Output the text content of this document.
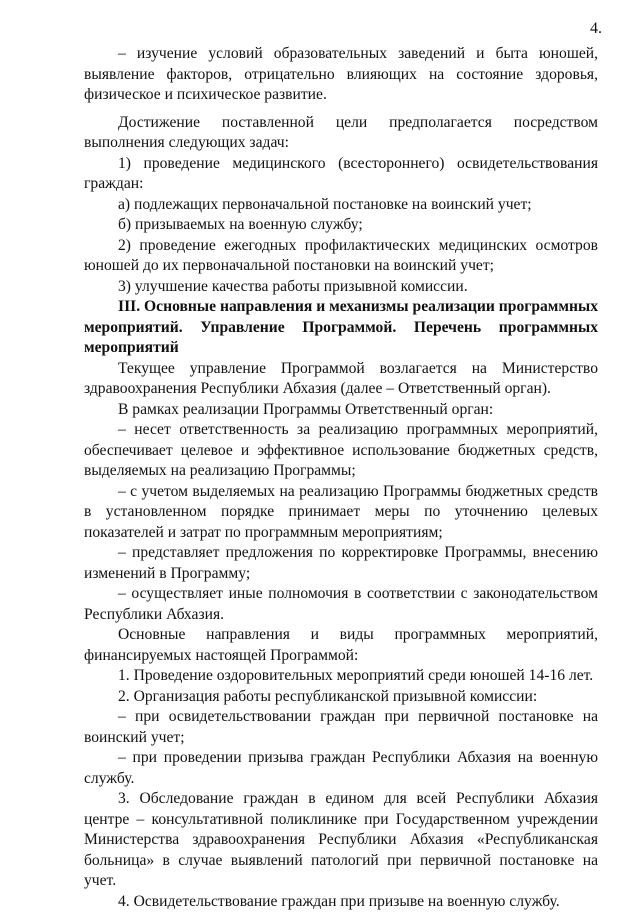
4.

– изучение условий образовательных заведений и быта юношей, выявление факторов, отрицательно влияющих на состояние здоровья, физическое и психическое развитие.

Достижение поставленной цели предполагается посредством выполнения следующих задач:

1) проведение медицинского (всестороннего) освидетельствования граждан:

а) подлежащих первоначальной постановке на воинский учет;

б) призываемых на военную службу;

2) проведение ежегодных профилактических медицинских осмотров юношей до их первоначальной постановки на воинский учет;

3) улучшение качества работы призывной комиссии.

III. Основные направления и механизмы реализации программных мероприятий. Управление Программой. Перечень программных мероприятий

Текущее управление Программой возлагается на Министерство здравоохранения Республики Абхазия (далее – Ответственный орган).

В рамках реализации Программы Ответственный орган:

– несет ответственность за реализацию программных мероприятий, обеспечивает целевое и эффективное использование бюджетных средств, выделяемых на реализацию Программы;

– с учетом выделяемых на реализацию Программы бюджетных средств в установленном порядке принимает меры по уточнению целевых показателей и затрат по программным мероприятиям;

– представляет предложения по корректировке Программы, внесению изменений в Программу;

– осуществляет иные полномочия в соответствии с законодательством Республики Абхазия.

Основные направления и виды программных мероприятий, финансируемых настоящей Программой:

1. Проведение оздоровительных мероприятий среди юношей 14-16 лет.

2. Организация работы республиканской призывной комиссии:

– при освидетельствовании граждан при первичной постановке на воинский учет;

– при проведении призыва граждан Республики Абхазия на военную службу.

3. Обследование граждан в едином для всей Республики Абхазия центре – консультативной поликлинике при Государственном учреждении Министерства здравоохранения Республики Абхазия «Республиканская больница» в случае выявлений патологий при первичной постановке на учет.

4. Освидетельствование граждан при призыве на военную службу.
